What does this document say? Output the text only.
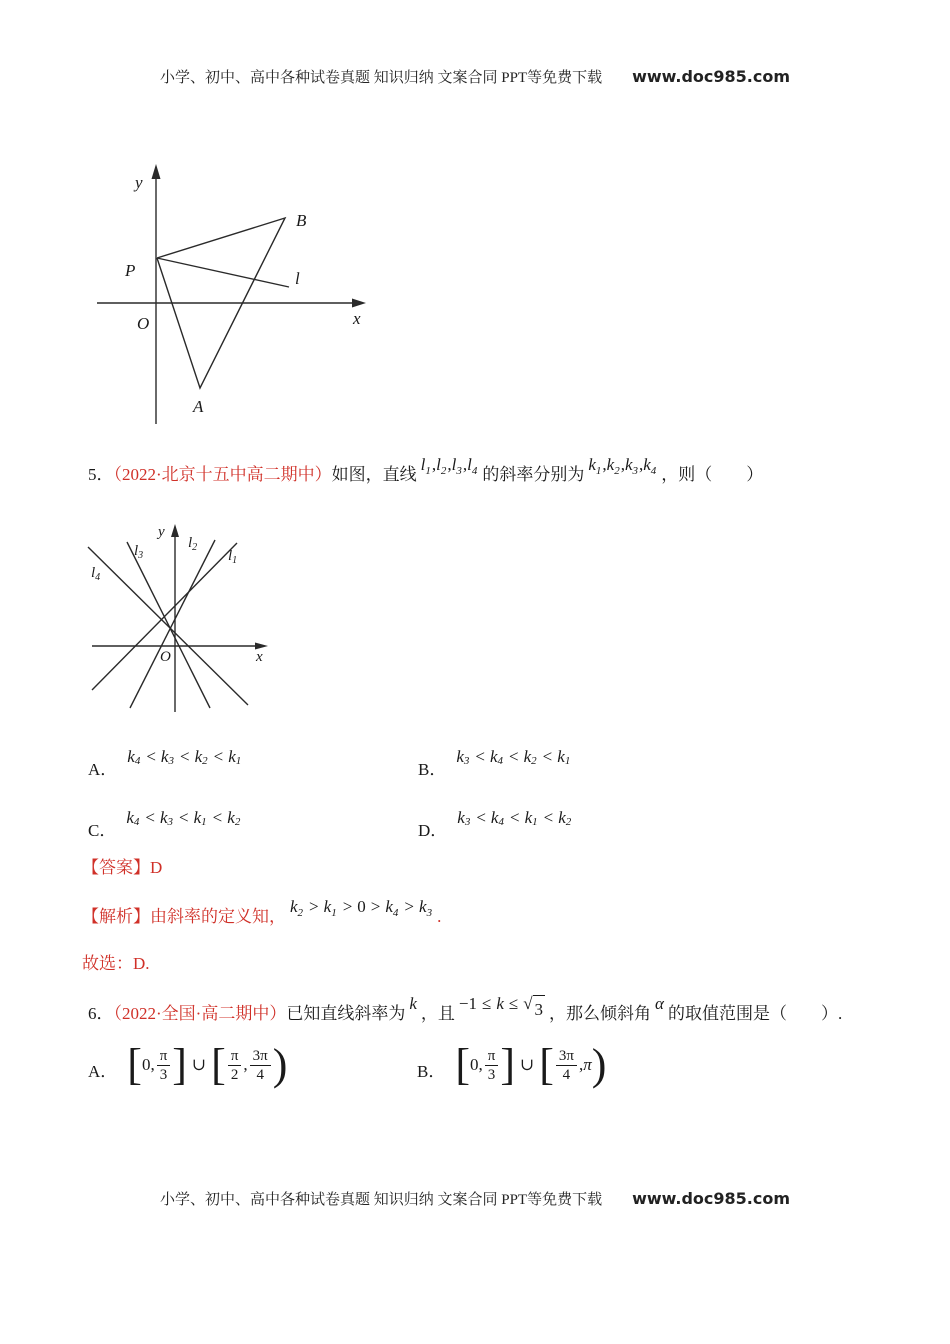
小学、初中、高中各种试卷真题 知识归纳 文案合同 PPT等免费下载 www.doc985.com
y
x
O
P
B
A
l
5．（2022·北京十五中高二期中）如图，直线$l_1,l_2,l_3,l_4$ 的斜率分别为$k_1,k_2,k_3,k_4$ ，则（　　）
y
x
O
$l_1$
$l_2$
$l_3$
$l_4$
A．
k 4 < k 3 < k 2 < k 1	B．
k 3 < k 4 < k 2 < k 1
C．
k 4 < k 3 < k 1 < k 2	D．
k 3 < k 4 < k 1 < k 2
【答案】D
【解析】由斜率的定义知，$k_2 > k_1 > 0 > k_4 > k_3$ .
故选：D.
6．（2022·全国·高二期中）已知直线斜率为k，且−1 ≤ k ≤ √ 3 ，那么倾斜角α的取值范围是（　　）.
A． [ 0, π
3 ] ∪ [ π
2
, 3π
4 )	B． [ 0, π
3 ] ∪ [ 3π
4
, π )
小学、初中、高中各种试卷真题 知识归纳 文案合同 PPT等免费下载 www.doc985.com
